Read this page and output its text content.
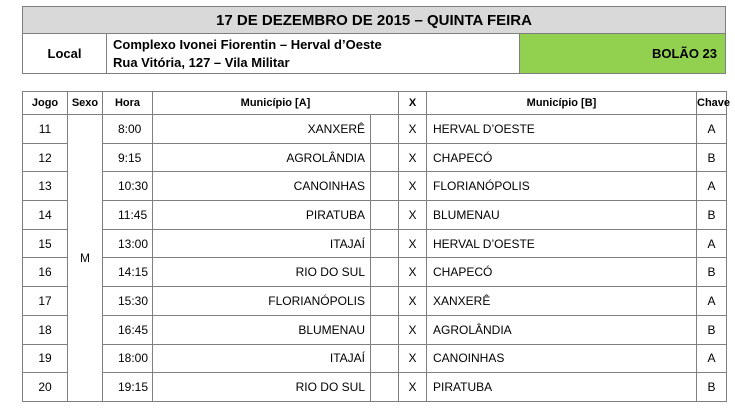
17 DE DEZEMBRO DE 2015 – QUINTA FEIRA
Local	
Complexo Ivonei Fiorentin – Herval d’Oeste
Rua Vitória, 127 – Vila Militar
	BOLÃO 23
Jogo	Sexo	Hora	Município [A]		X	Município [B]	Chave
11	M	8:00	XANXERÊ		X	HERVAL D’OESTE	A
12		9:15	AGROLÂNDIA		X	CHAPECÓ	B
13		10:30	CANOINHAS		X	FLORIANÓPOLIS	A
14		11:45	PIRATUBA		X	BLUMENAU	B
15		13:00	ITAJAÍ		X	HERVAL D’OESTE	A
16		14:15	RIO DO SUL		X	CHAPECÓ	B
17		15:30	FLORIANÓPOLIS		X	XANXERÊ	A
18		16:45	BLUMENAU		X	AGROLÂNDIA	B
19		18:00	ITAJAÍ		X	CANOINHAS	A
20		19:15	RIO DO SUL		X	PIRATUBA	B
